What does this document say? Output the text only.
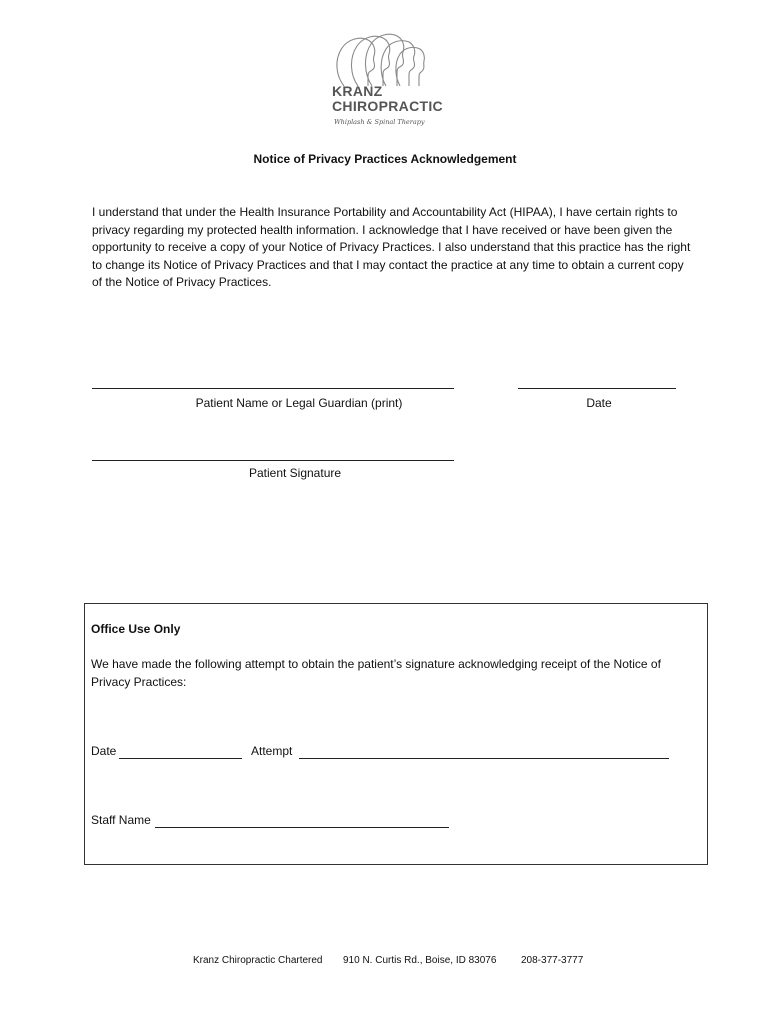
KRANZ
CHIROPRACTIC
Whiplash & Spinal Therapy
Notice of Privacy Practices Acknowledgement
I understand that under the Health Insurance Portability and Accountability Act (HIPAA), I have certain rights to privacy regarding my protected health information. I acknowledge that I have received or have been given the opportunity to receive a copy of your Notice of Privacy Practices. I also understand that this practice has the right to change its Notice of Privacy Practices and that I may contact the practice at any time to obtain a current copy of the Notice of Privacy Practices.
Patient Name or Legal Guardian (print)	Date
Patient Signature
Office Use Only
We have made the following attempt to obtain the patient’s signature acknowledging receipt of the Notice of Privacy Practices:
Date	Attempt
Staff Name
Kranz Chiropractic Chartered 910 N. Curtis Rd., Boise, ID 83076 208-377-3777
